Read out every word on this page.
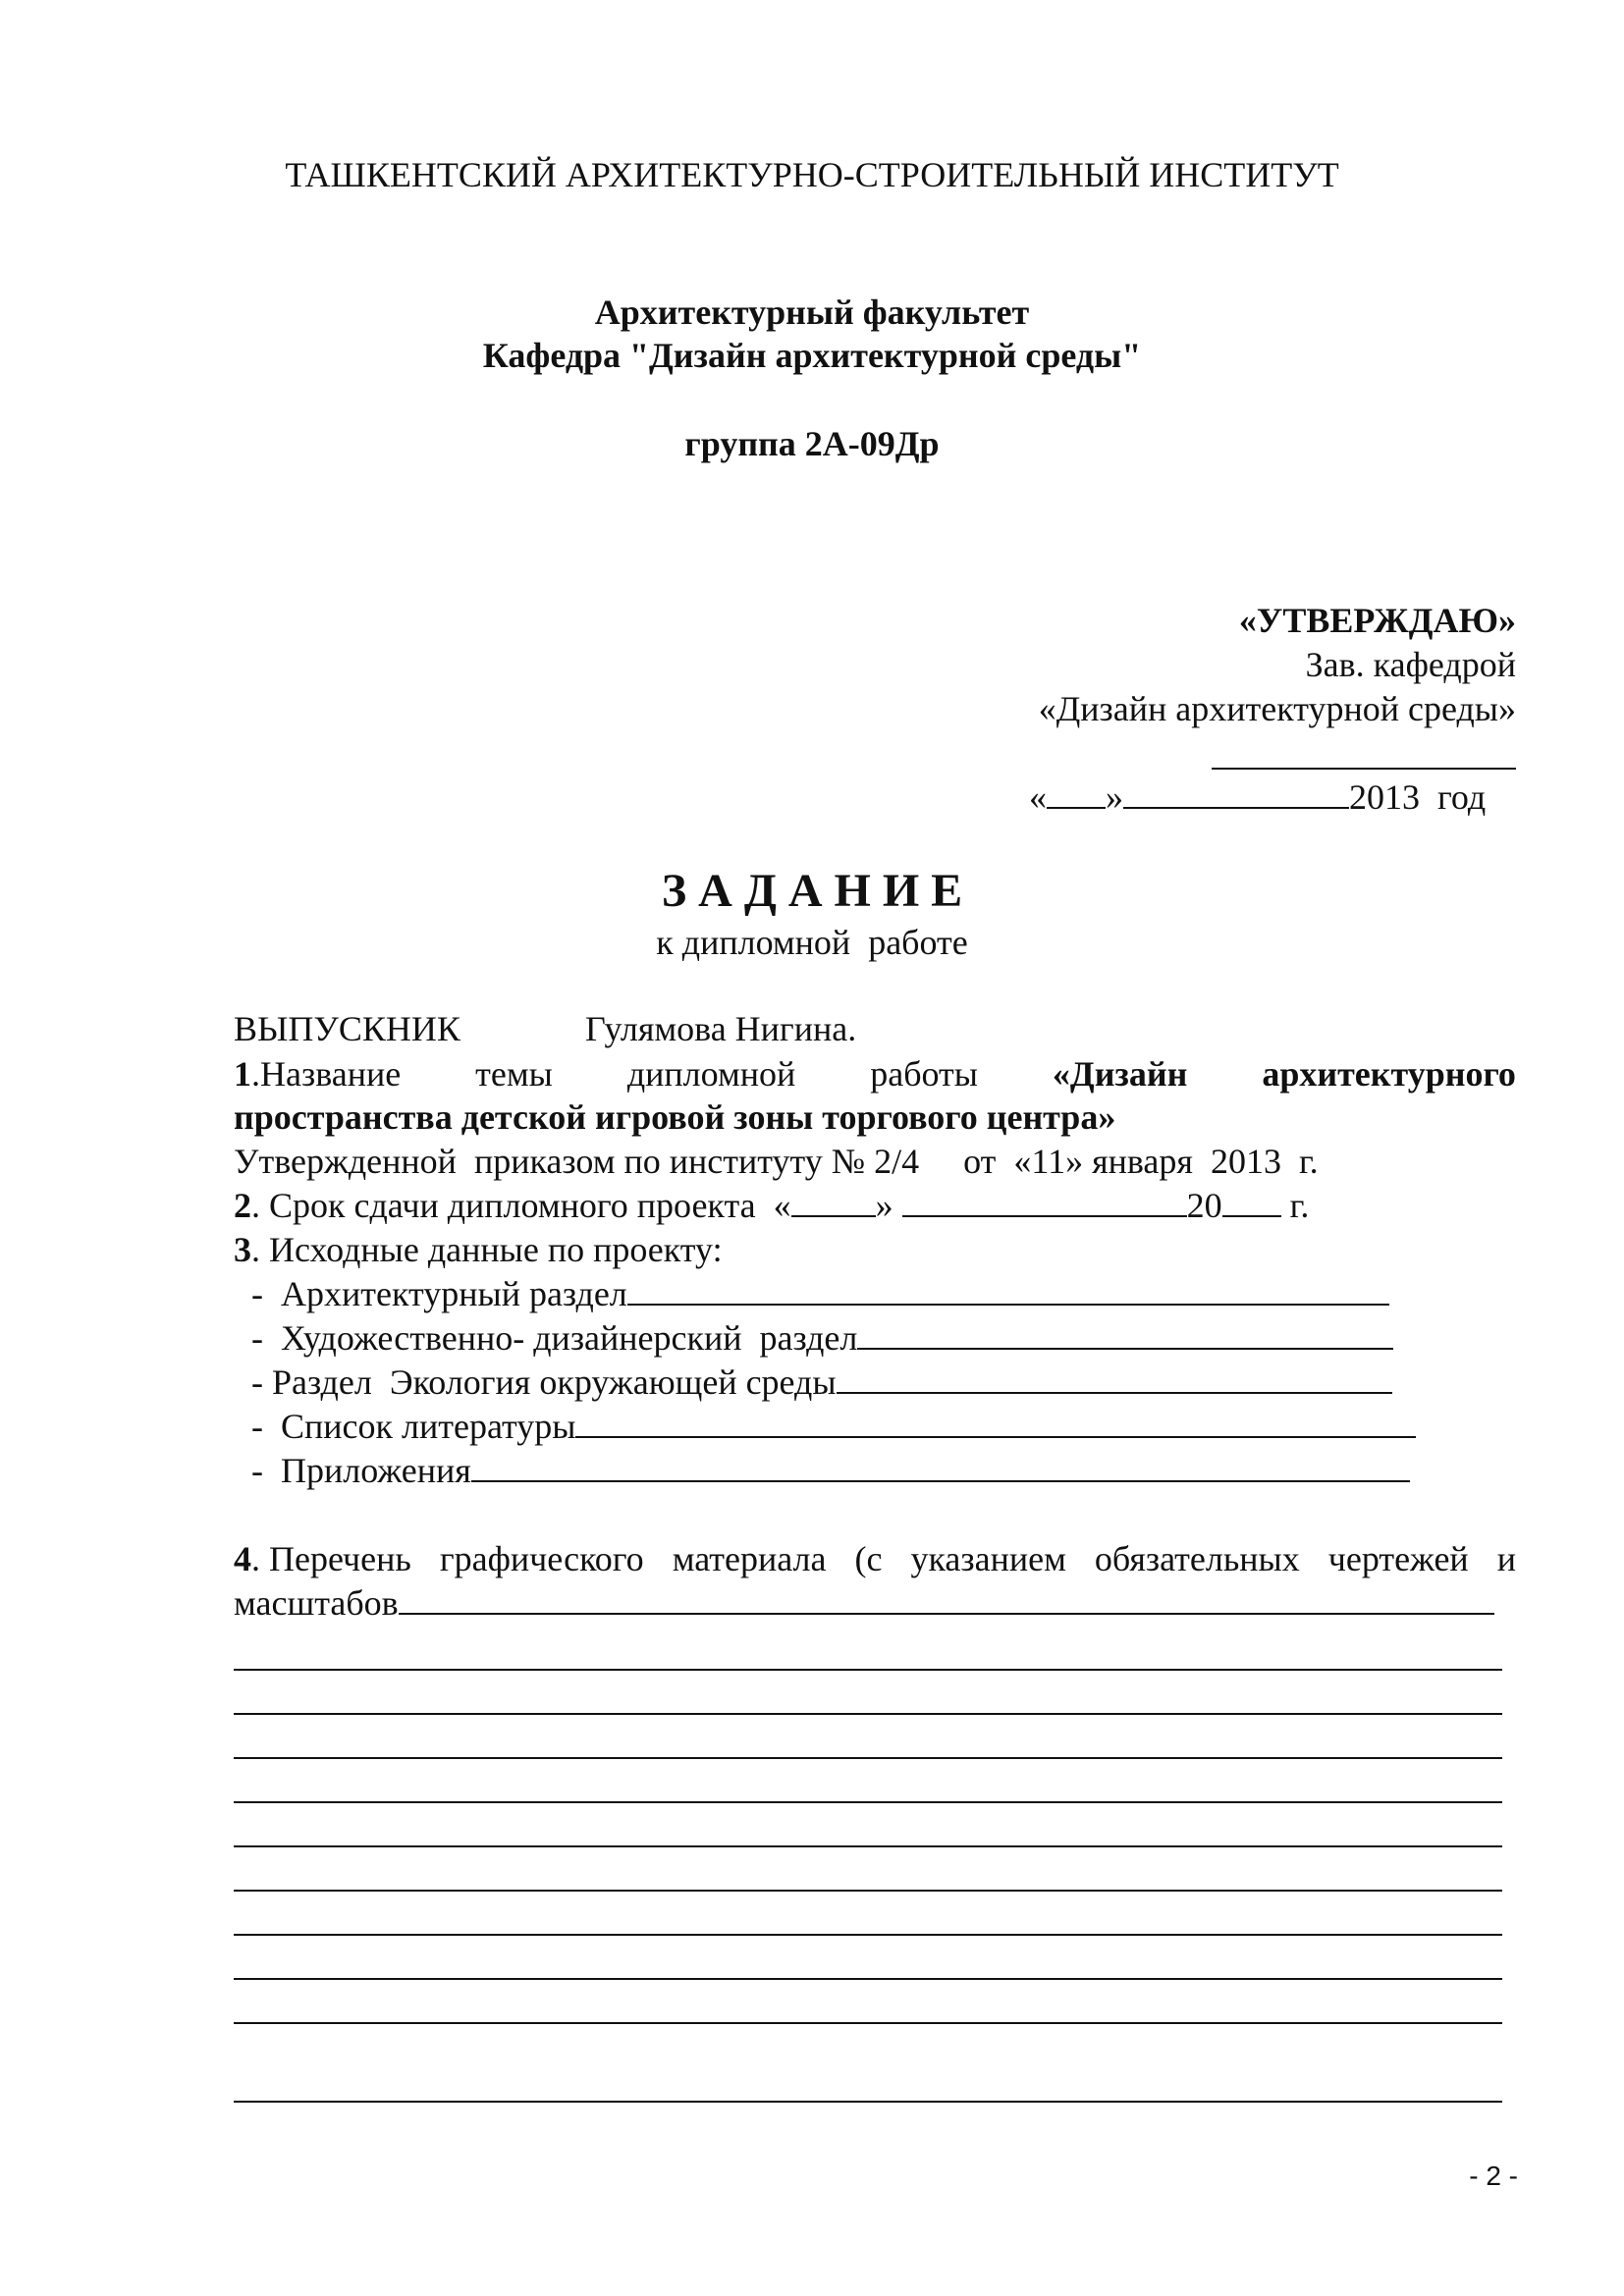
ТАШКЕНТСКИЙ АРХИТЕКТУРНО-СТРОИТЕЛЬНЫЙ ИНСТИТУТ
Архитектурный факультет
Кафедра "Дизайн архитектурной среды"
группа 2А-09Др
«УТВЕРЖДАЮ»
Зав. кафедрой
«Дизайн архитектурной среды»
« »	2013  год
З А Д А Н И Е
к дипломной  работе
ВЫПУСКНИК	Гулямова Нигина.
1.Название темы дипломной работы «Дизайн архитектурного
пространства детской игровой зоны торгового центра»
Утвержденной  приказом по институту № 2/4     от  «11» января  2013  г.
2. Срок сдачи дипломного проекта  « »	20 г.
3. Исходные данные по проекту:
-  Архитектурный раздел
-  Художественно- дизайнерский  раздел
- Раздел  Экология окружающей среды
-  Список литературы
-  Приложения
4. Перечень графического материала (с указанием обязательных чертежей и
масштабов
- 2 -
